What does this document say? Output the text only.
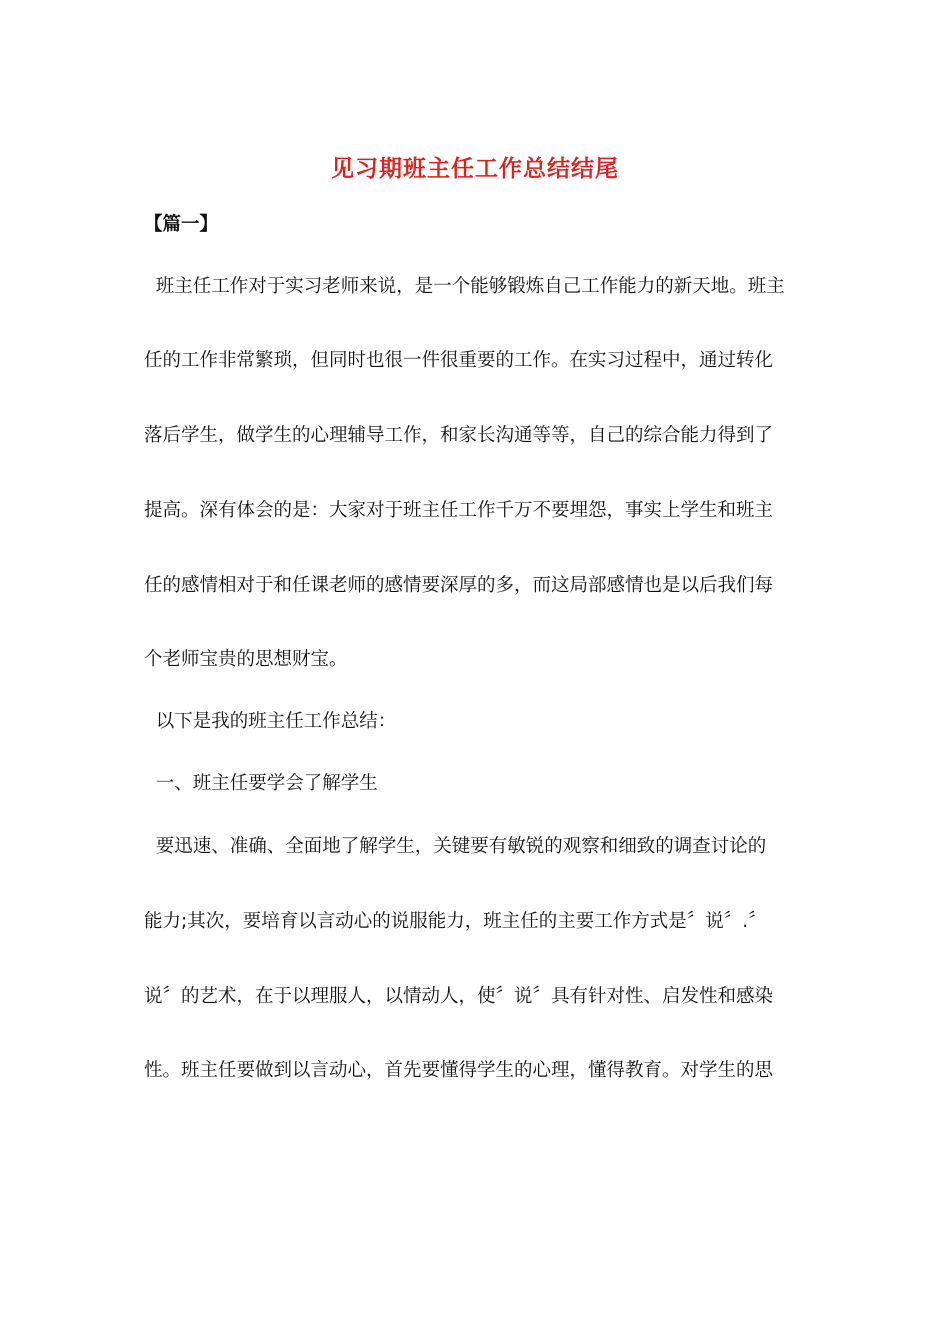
见习期班主任工作总结结尾
【篇一】
班主任工作对于实习老师来说，是一个能够锻炼自己工作能力的新天地。班主
任的工作非常繁琐，但同时也很一件很重要的工作。在实习过程中，通过转化
落后学生，做学生的心理辅导工作，和家长沟通等等，自己的综合能力得到了
提高。深有体会的是：大家对于班主任工作千万不要埋怨，事实上学生和班主
任的感情相对于和任课老师的感情要深厚的多，而这局部感情也是以后我们每
个老师宝贵的思想财宝。
以下是我的班主任工作总结：
一、班主任要学会了解学生
要迅速、准确、全面地了解学生，关键要有敏锐的观察和细致的调查讨论的
能力;其次，要培育以言动心的说服能力，班主任的主要工作方式是〞说〞.〞
说〞的艺术，在于以理服人，以情动人，使〞说〞具有针对性、启发性和感染
性。班主任要做到以言动心，首先要懂得学生的心理，懂得教育。对学生的思
